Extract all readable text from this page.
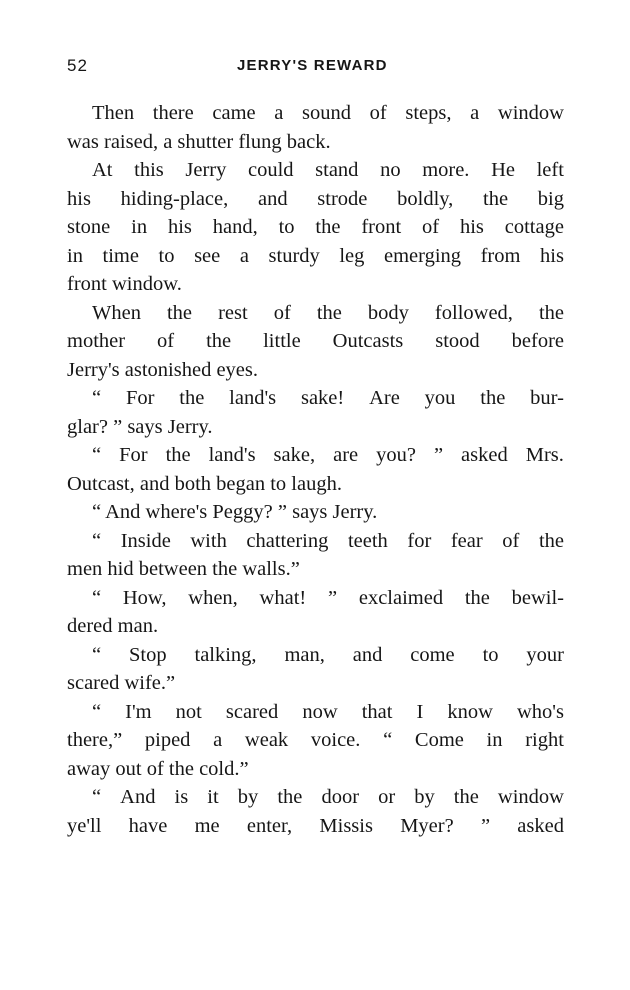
52	JERRY'S REWARD
Then there came a sound of steps, a window
was raised, a shutter flung back.
At this Jerry could stand no more. He left
his hiding-place, and strode boldly, the big
stone in his hand, to the front of his cottage
in time to see a sturdy leg emerging from his
front window.
When the rest of the body followed, the
mother of the little Outcasts stood before
Jerry's astonished eyes.
“ For the land's sake! Are you the bur-
glar? ” says Jerry.
“ For the land's sake, are you? ” asked Mrs.
Outcast, and both began to laugh.
“ And where's Peggy? ” says Jerry.
“ Inside with chattering teeth for fear of the
men hid between the walls.”
“ How, when, what! ” exclaimed the bewil-
dered man.
“ Stop talking, man, and come to your
scared wife.”
“ I'm not scared now that I know who's
there,” piped a weak voice. “ Come in right
away out of the cold.”
“ And is it by the door or by the window
ye'll have me enter, Missis Myer? ” asked
